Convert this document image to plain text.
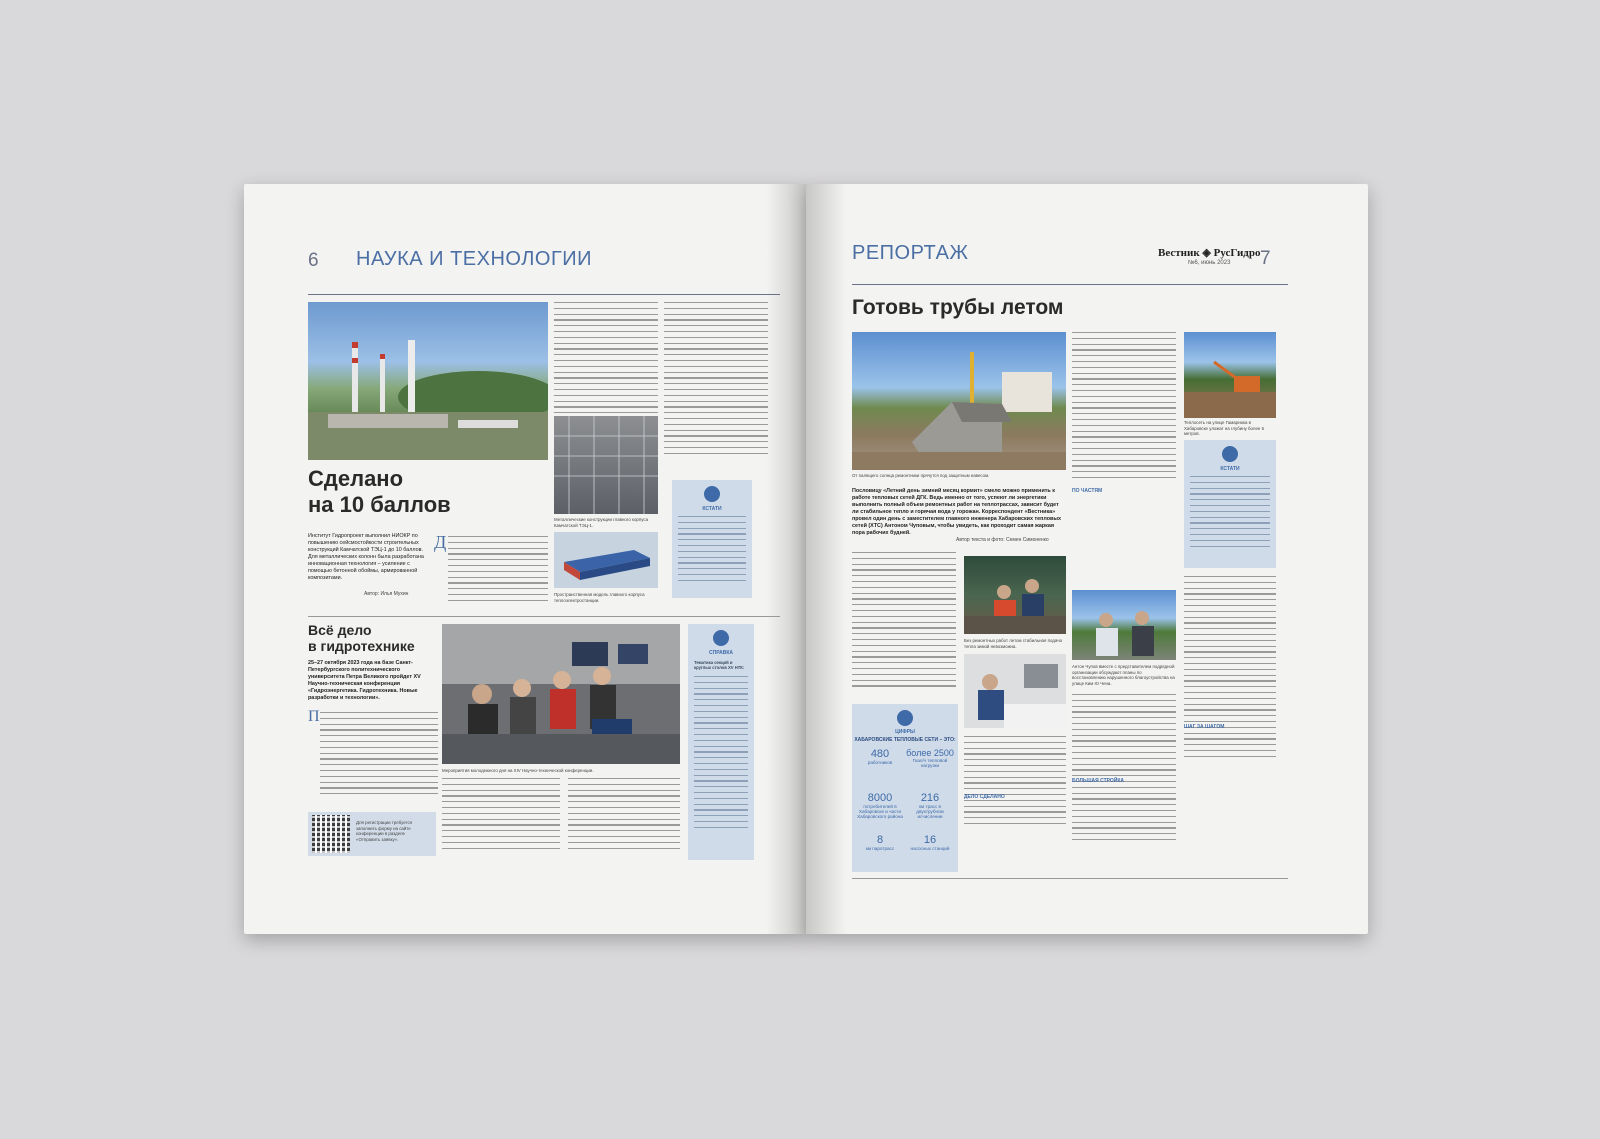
6 НАУКА И ТЕХНОЛОГИИ
Сделано
на 10 баллов
Институт Гидропроект выполнил НИОКР по повышению сейсмостойкости строительных конструкций Камчатской ТЭЦ-1 до 10 баллов. Для металлических колонн была разработана инновационная технология – усиление с помощью бетонной обоймы, армированной композитами.
Автор: Илья Мухин
Д
Металлические конструкции главного корпуса Камчатской ТЭЦ-1.
Пространственная модель главного корпуса теплоэлектростанции.
КСТАТИ
Всё дело
в гидротехнике
25–27 октября 2023 года на базе Санкт-Петербургского политехнического университета Петра Великого пройдет XV Научно-техническая конференция «Гидроэнергетика. Гидротехника. Новые разработки и технологии».
П
Для регистрации требуется заполнить форму на сайте конференции в разделе «Отправить заявку».
Мероприятия молодежного дня на XIV Научно-технической конференции.
СПРАВКА
Тематика секций и круглых столов XV НТК:
РЕПОРТАЖ	Вестник ◈ РусГидро
№6, июнь 2023 7
Готовь трубы летом
От палящего солнца ремонтники прячутся под защитным навесом.
Пословицу «Летний день зимний месяц кормит» смело можно применить к работе тепловых сетей ДГК. Ведь именно от того, успеют ли энергетики выполнить полный объем ремонтных работ на теплотрассах, зависит будет ли стабильное тепло и горячая вода у горожан. Корреспондент «Вестника» провел один день с заместителем главного инженера Хабаровских тепловых сетей (ХТС) Антоном Чуповым, чтобы увидеть, как проходит самая жаркая пора рабочих будней.
Автор текста и фото: Семен Симоненко
ЦИФРЫ
ХАБАРОВСКИЕ ТЕПЛОВЫЕ СЕТИ – ЭТО:
480
работников
более 2500
Гкал/ч тепловой нагрузки
8000
потребителей в Хабаровске и части Хабаровского района
216
км трасс в двухтрубном исчислении
8
км паротрасс
16
насосных станций
Без ремонтных работ летом стабильная подача тепла зимой невозможна.
ДЕЛО СДЕЛАНО
ПО ЧАСТЯМ
Антон Чупов вместе с представителем подрядной организации обсуждают планы по восстановлению нарушенного благоустройства на улице Ким Ю Чена.
БОЛЬШАЯ СТРОЙКА
Теплосеть на улице Гамарника в Хабаровске уложат на глубину более 5 метров.
КСТАТИ
ШАГ ЗА ШАГОМ
